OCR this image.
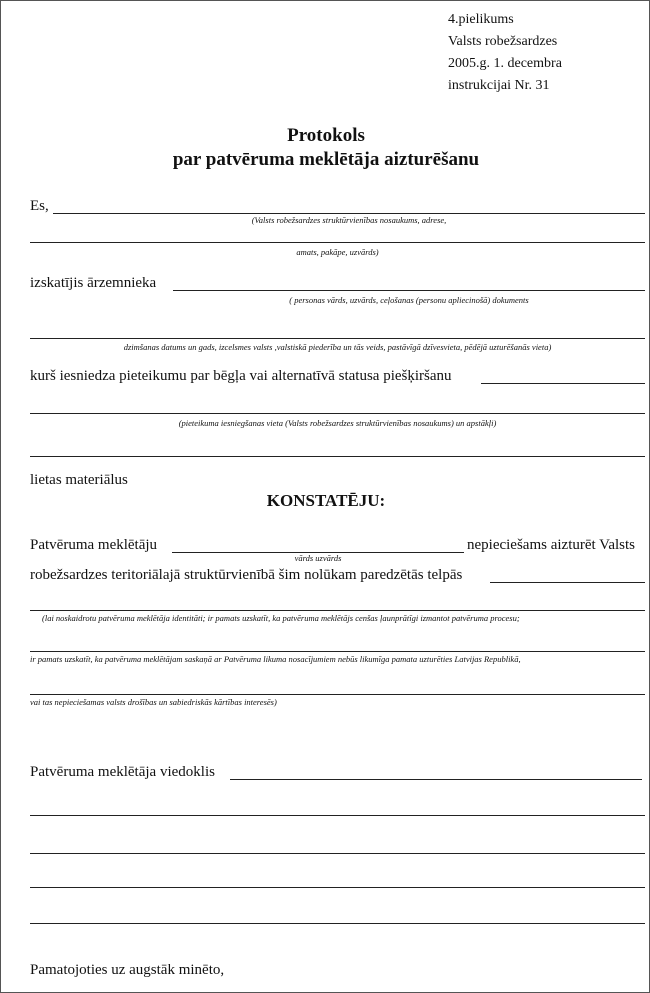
4.pielikums
Valsts robežsardzes
2005.g. 1. decembra
instrukcijai Nr. 31
Protokols
par patvēruma meklētāja aizturēšanu
Es,
(Valsts robežsardzes struktūrvienības nosaukums, adrese,
amats, pakāpe, uzvārds)
izskatījis ārzemnieka
( personas vārds, uzvārds, ceļošanas (personu apliecinošā) dokuments
dzimšanas datums un gads, izcelsmes valsts ,valstiskā piederība un tās veids, pastāvīgā dzīvesvieta, pēdējā uzturēšanās vieta)
kurš iesniedza pieteikumu par bēgļa vai alternatīvā statusa piešķiršanu
(pieteikuma iesniegšanas vieta (Valsts robežsardzes struktūrvienības nosaukums) un apstākļi)
lietas materiālus
KONSTATĒJU:
Patvēruma meklētāju
vārds uzvārds
nepieciešams aizturēt Valsts
robežsardzes teritoriālajā struktūrvienībā šim nolūkam paredzētās telpās
(lai noskaidrotu patvēruma meklētāja identitāti; ir pamats uzskatīt, ka patvēruma meklētājs cenšas ļaunprātīgi izmantot patvēruma procesu;
ir pamats uzskatīt, ka patvēruma meklētājam saskaņā ar Patvēruma likuma nosacījumiem nebūs likumīga pamata uzturēties Latvijas Republikā,
vai tas nepieciešamas valsts drošības un sabiedriskās kārtības interesēs)
Patvēruma meklētāja viedoklis
Pamatojoties uz augstāk minēto,
